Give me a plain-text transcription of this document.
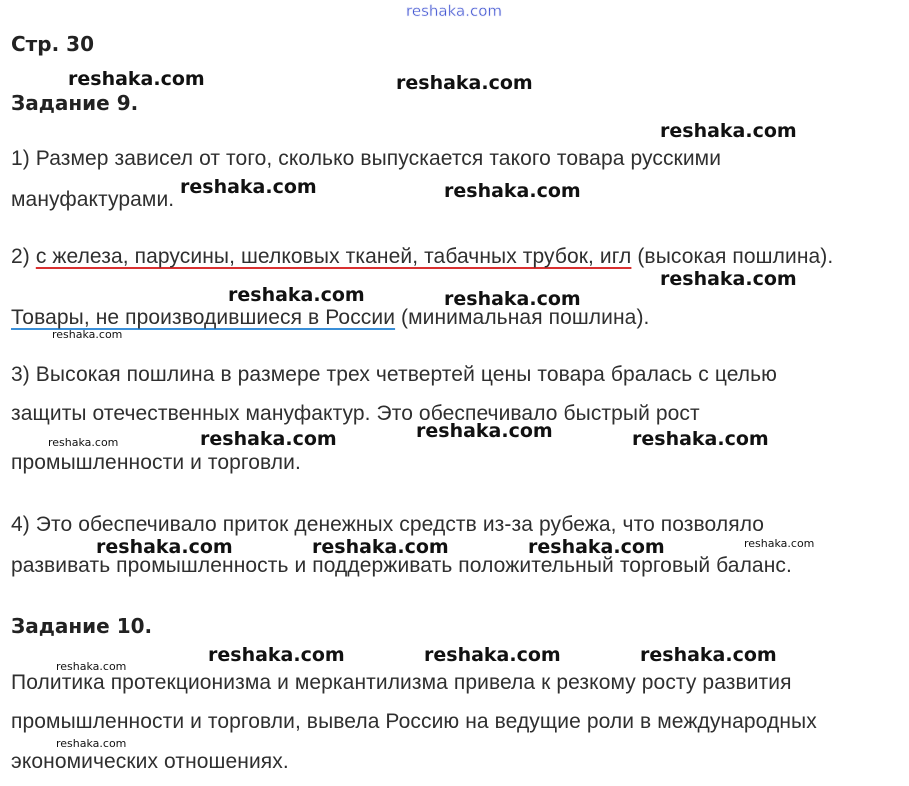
reshaka.com
Стр. 30
Задание 9.
1) Размер зависел от того, сколько выпускается такого товара русскими
мануфактурами.
2) с железа, парусины, шелковых тканей, табачных трубок, игл (высокая пошлина).
Товары, не производившиеся в России (минимальная пошлина).
3) Высокая пошлина в размере трех четвертей цены товара бралась с целью
защиты отечественных мануфактур. Это обеспечивало быстрый рост
промышленности и торговли.
4) Это обеспечивало приток денежных средств из-за рубежа, что позволяло
развивать промышленность и поддерживать положительный торговый баланс.
Задание 10.
Политика протекционизма и меркантилизма привела к резкому росту развития
промышленности и торговли, вывела Россию на ведущие роли в международных
экономических отношениях.
reshaka.com	reshaka.com
reshaka.com
reshaka.com	reshaka.com
reshaka.com
reshaka.com	reshaka.com
reshaka.com
reshaka.com	reshaka.com
reshaka.com	reshaka.com	reshaka.com
reshaka.com	reshaka.com	reshaka.com
reshaka.com
reshaka.com
reshaka.com
reshaka.com
reshaka.com
